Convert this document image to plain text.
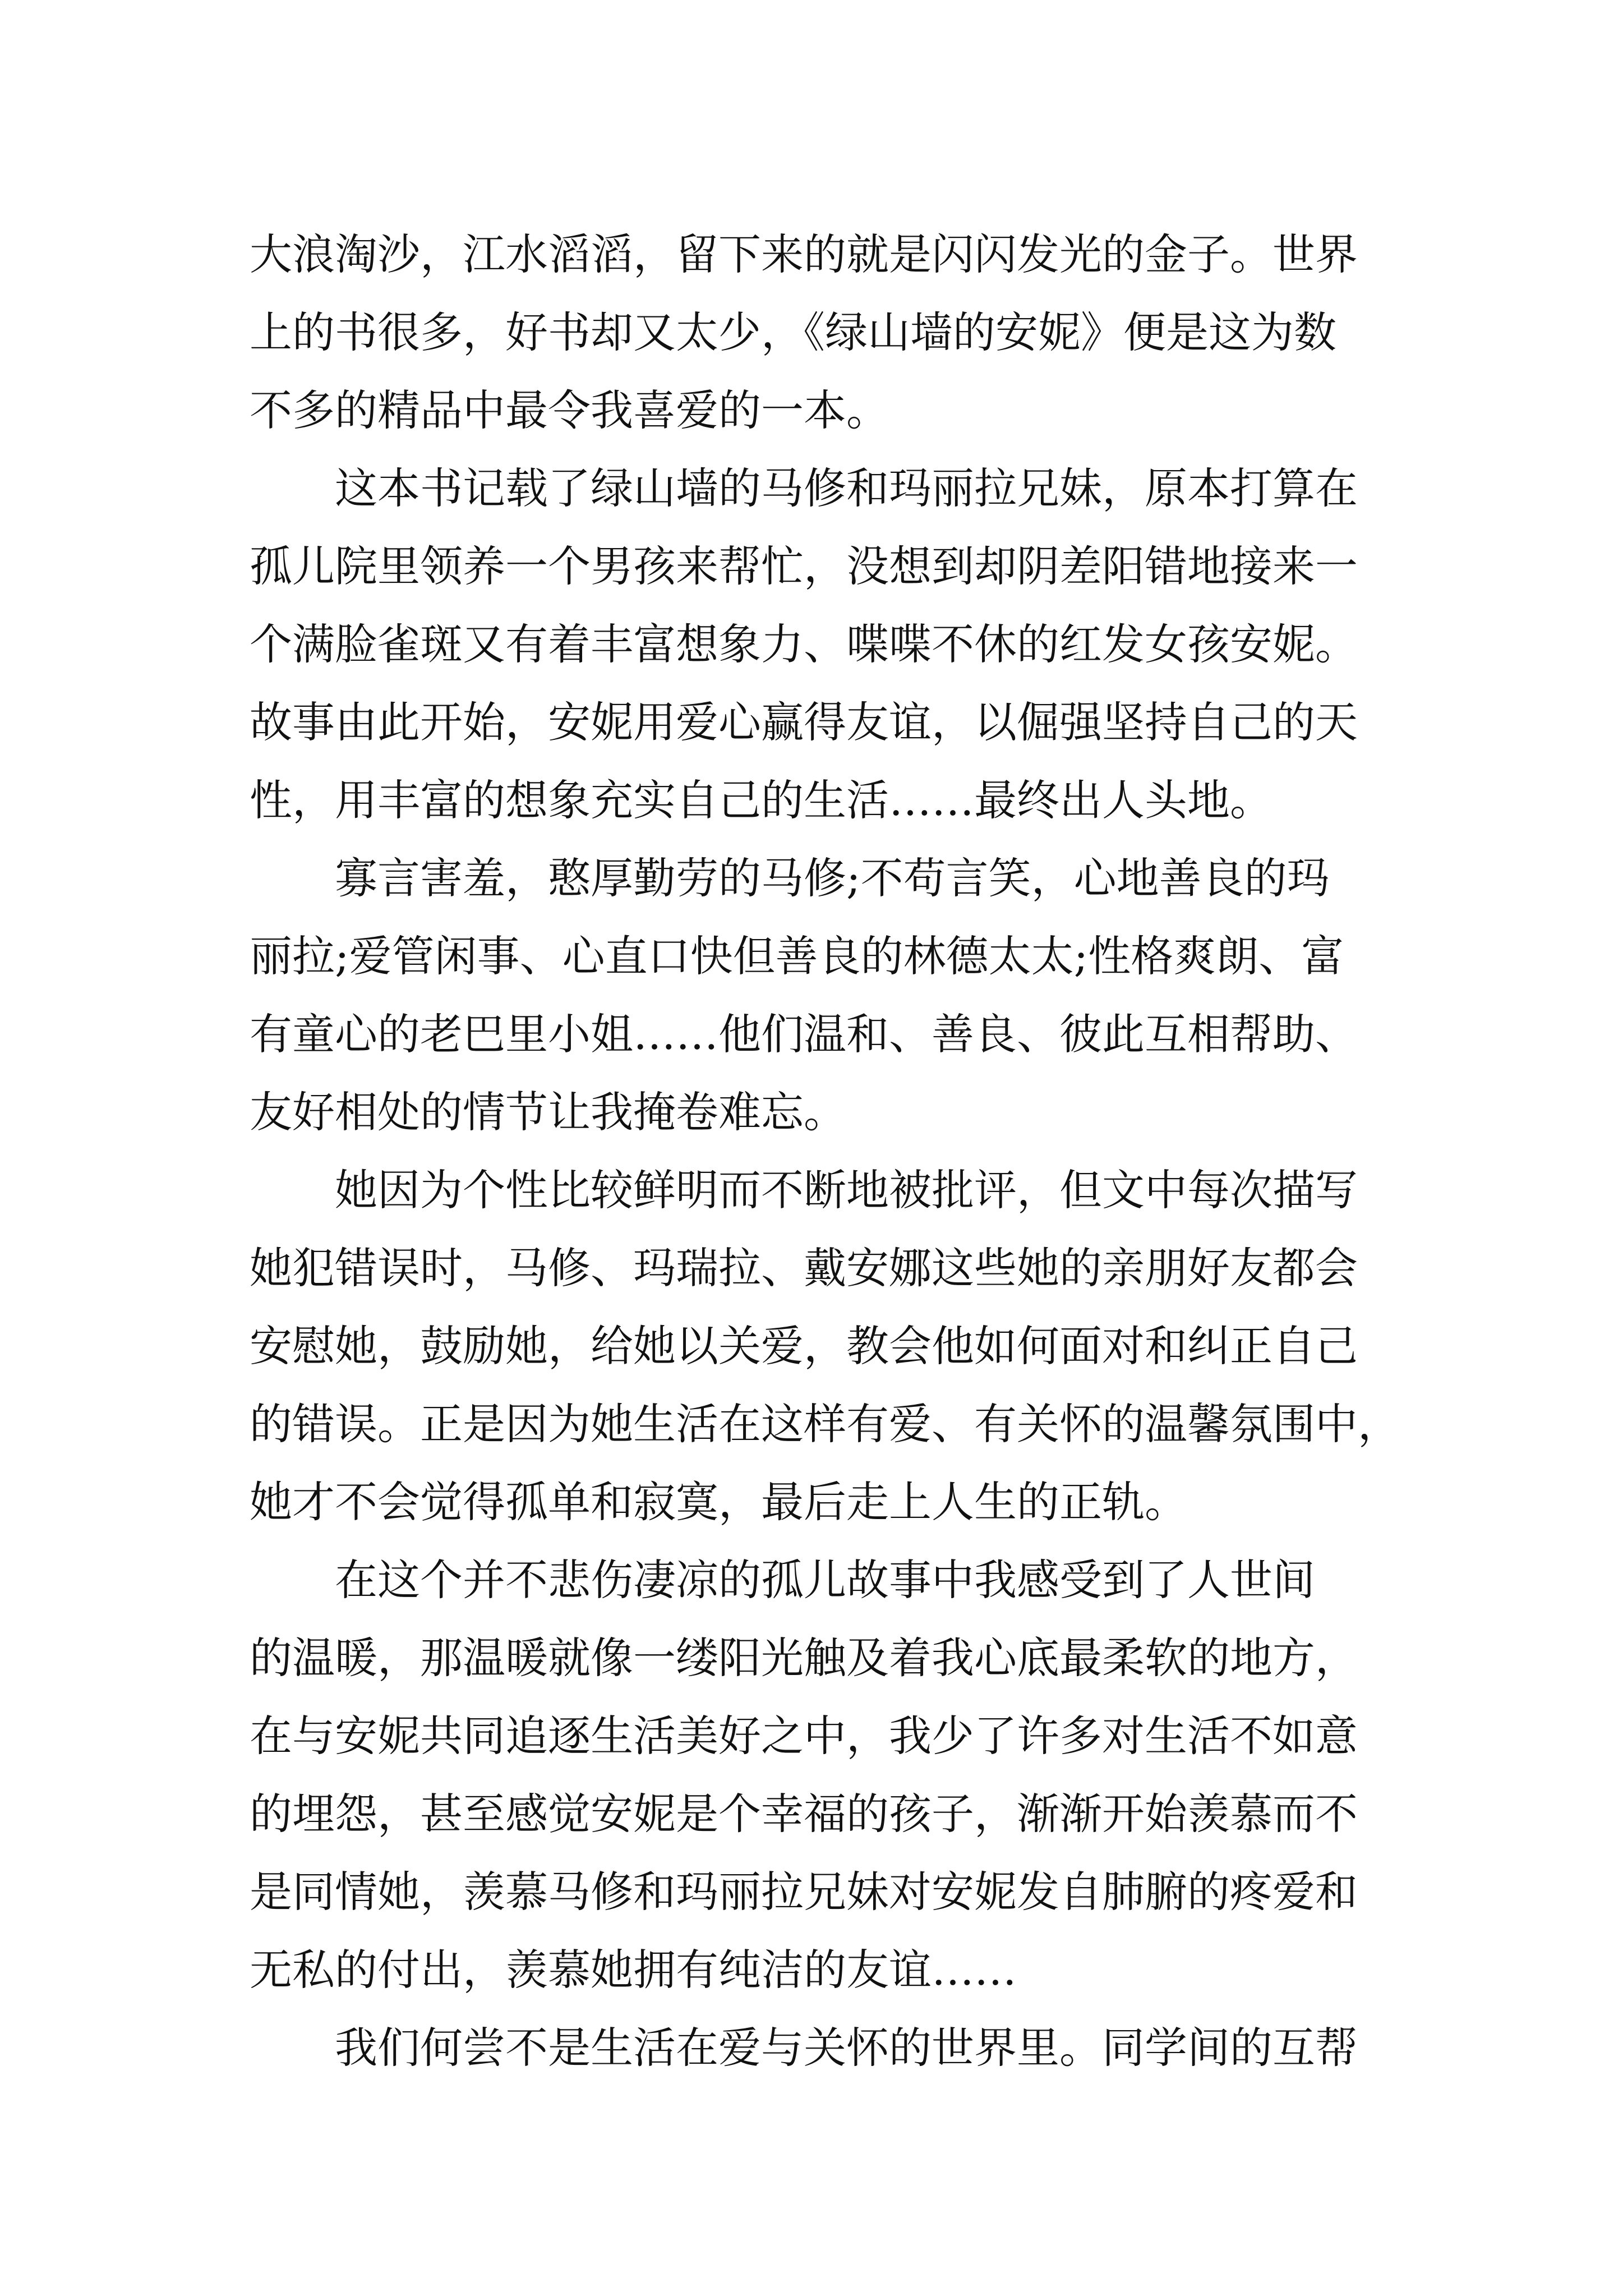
大浪淘沙，江水滔滔，留下来的就是闪闪发光的金子。世界
上的书很多，好书却又太少，《绿山墙的安妮》便是这为数
不多的精品中最令我喜爱的一本。
　　这本书记载了绿山墙的马修和玛丽拉兄妹，原本打算在
孤儿院里领养一个男孩来帮忙，没想到却阴差阳错地接来一
个满脸雀斑又有着丰富想象力、喋喋不休的红发女孩安妮。
故事由此开始，安妮用爱心赢得友谊，以倔强坚持自己的天
性，用丰富的想象充实自己的生活……最终出人头地。
　　寡言害羞，憨厚勤劳的马修;不苟言笑，心地善良的玛
丽拉;爱管闲事、心直口快但善良的林德太太;性格爽朗、富
有童心的老巴里小姐……他们温和、善良、彼此互相帮助、
友好相处的情节让我掩卷难忘。
　　她因为个性比较鲜明而不断地被批评，但文中每次描写
她犯错误时，马修、玛瑞拉、戴安娜这些她的亲朋好友都会
安慰她，鼓励她，给她以关爱，教会他如何面对和纠正自己
的错误。正是因为她生活在这样有爱、有关怀的温馨氛围中，
她才不会觉得孤单和寂寞，最后走上人生的正轨。
　　在这个并不悲伤凄凉的孤儿故事中我感受到了人世间
的温暖，那温暖就像一缕阳光触及着我心底最柔软的地方，
在与安妮共同追逐生活美好之中，我少了许多对生活不如意
的埋怨，甚至感觉安妮是个幸福的孩子，渐渐开始羡慕而不
是同情她，羡慕马修和玛丽拉兄妹对安妮发自肺腑的疼爱和
无私的付出，羡慕她拥有纯洁的友谊……
　　我们何尝不是生活在爱与关怀的世界里。同学间的互帮
